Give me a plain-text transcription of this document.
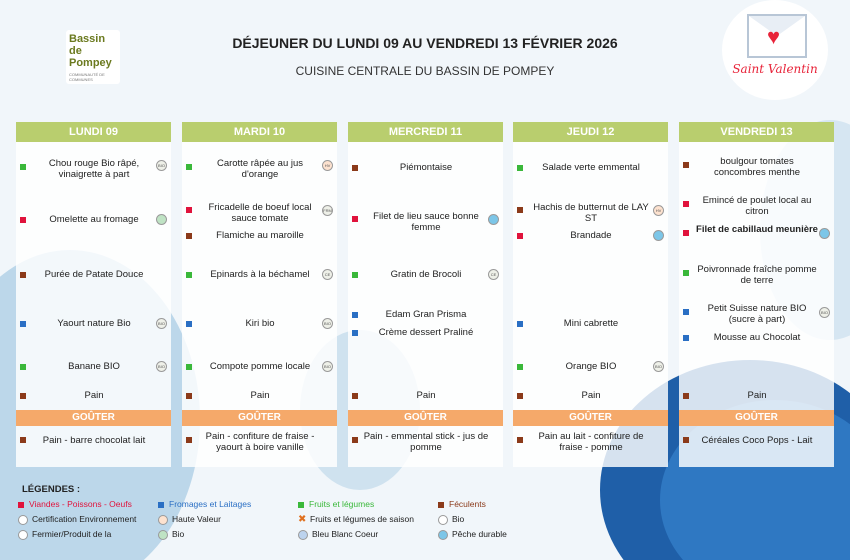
Bassin de Pompey
COMMUNAUTÉ DE COMMUNES
DÉJEUNER DU LUNDI 09 AU VENDREDI 13 FÉVRIER 2026
CUISINE CENTRALE DU BASSIN DE POMPEY
♥
Saint Valentin
LUNDI 09
Chou rouge Bio râpé, vinaigrette à part
BIO
Omelette au fromage
Purée de Patate Douce
Yaourt nature Bio	BIO
Banane BIO	BIO
Pain
GOÛTER
Pain - barre chocolat lait
MARDI 10
Carotte râpée au jus d'orange
HV
Fricadelle de boeuf local sauce tomate
FRM
Flamiche au maroille
Epinards à la béchamel	CE
Kiri bio	BIO
Compote pomme locale	BIO
Pain
GOÛTER
Pain - confiture de fraise - yaourt à boire vanille
MERCREDI 11
Piémontaise
Filet de lieu sauce bonne femme
Gratin de Brocoli	CE
Edam Gran Prisma
Crème dessert Praliné
Pain
GOÛTER
Pain - emmental stick - jus de pomme
JEUDI 12
Salade verte emmental
Hachis de butternut de LAY ST
HV
Brandade
Mini cabrette
Orange BIO	BIO
Pain
GOÛTER
Pain au lait - confiture de fraise - pomme
VENDREDI 13
boulgour tomates concombres menthe
Emincé de poulet local au citron
Filet de cabillaud meunière
Poivronnade fraîche pomme de terre
Petit Suisse nature BIO (sucre à part)
BIO
Mousse au Chocolat
Pain
GOÛTER
Céréales Coco Pops - Lait
LÉGENDES :
Viandes - Poissons - Oeufs	Fromages et Laitages	Fruits et légumes	Féculents
Certification Environnement	Haute Valeur	✖ Fruits et légumes de saison	Bio
Fermier/Produit de la	Bio	Bleu Blanc Coeur	Pêche durable
